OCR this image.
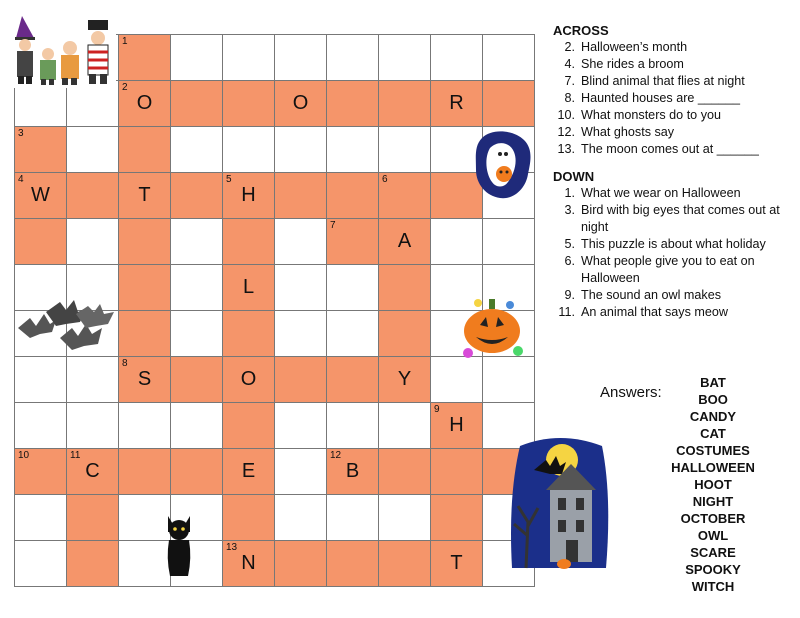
1
2
O	O	R
3
4
W	T
5
H
6
7
A
L
8
S	O	Y
9
H
10	11
C	E
12
B
13
N	T
ACROSS
2. Halloween’s month
4. She rides a broom
7. Blind animal that flies at night
8. Haunted houses are ______
10. What monsters do to you
12. What ghosts say
13. The moon comes out at ______
DOWN
1. What we wear on Halloween
3. Bird with big eyes that comes out at night
5. This puzzle is about what holiday
6. What people give you to eat on Halloween
9. The sound an owl makes
11. An animal that says meow
Answers:
BAT
BOO
CANDY
CAT
COSTUMES
HALLOWEEN
HOOT
NIGHT
OCTOBER
OWL
SCARE
SPOOKY
WITCH
